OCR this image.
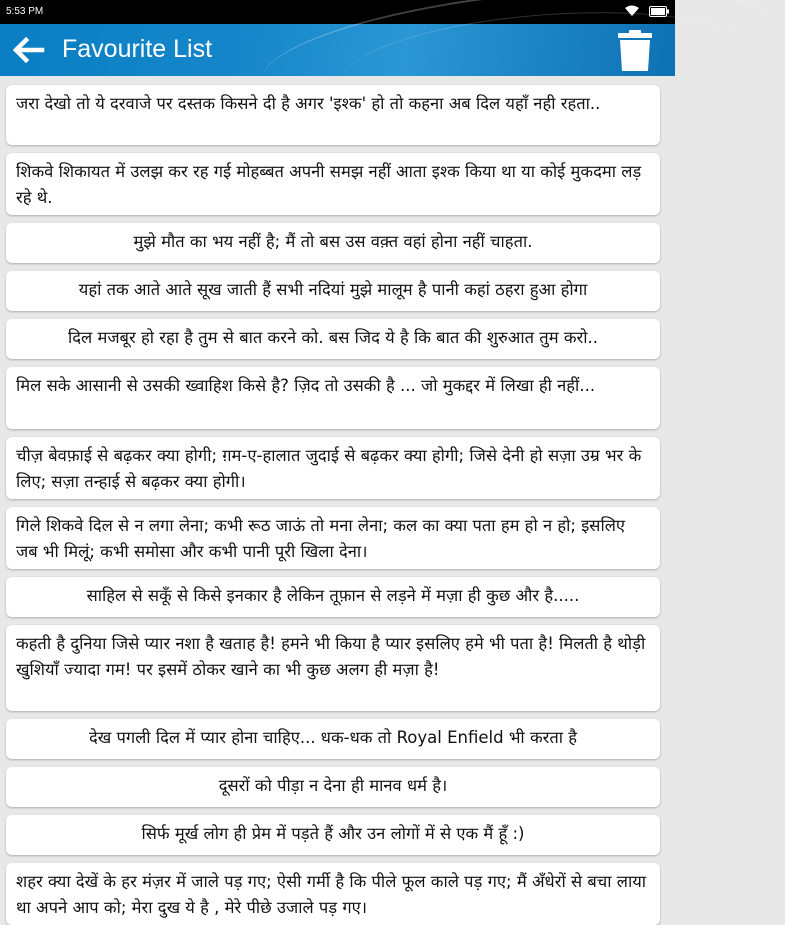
5:53 PM
Favourite List
जरा देखो तो ये दरवाजे पर दस्तक किसने दी है अगर 'इश्क' हो तो कहना अब दिल यहाँ नही रहता..
शिकवे शिकायत में उलझ कर रह गई मोहब्बत अपनी समझ नहीं आता इश्क किया था या कोई मुकदमा लड़ रहे थे.
मुझे मौत का भय नहीं है; मैं तो बस उस वक़्त वहां होना नहीं चाहता.
यहां तक आते आते सूख जाती हैं सभी नदियां मुझे मालूम है पानी कहां ठहरा हुआ होगा
दिल मजबूर हो रहा है तुम से बात करने को. बस जिद ये है कि बात की शुरुआत तुम करो..
मिल सके आसानी से उसकी ख्वाहिश किसे है? ज़िद तो उसकी है ... जो मुकद्दर में लिखा ही नहीं...
चीज़ बेवफ़ाई से बढ़कर क्या होगी; ग़म-ए-हालात जुदाई से बढ़कर क्या होगी; जिसे देनी हो सज़ा उम्र भर के लिए; सज़ा तन्हाई से बढ़कर क्या होगी।
गिले शिकवे दिल से न लगा लेना; कभी रूठ जाऊं तो मना लेना; कल का क्या पता हम हो न हो; इसलिए जब भी मिलूं; कभी समोसा और कभी पानी पूरी खिला देना।
साहिल से सकूँ से किसे इनकार है लेकिन तूफ़ान से लड़ने में मज़ा ही कुछ और है.....
कहती है दुनिया जिसे प्यार नशा है खताह है! हमने भी किया है प्यार इसलिए हमे भी पता है! मिलती है थोड़ी खुशियाँ ज्यादा गम! पर इसमें ठोकर खाने का भी कुछ अलग ही मज़ा है!
देख पगली दिल में प्यार होना चाहिए... धक-धक तो Royal Enfield भी करता है
दूसरों को पीड़ा न देना ही मानव धर्म है।
सिर्फ मूर्ख लोग ही प्रेम में पड़ते हैं और उन लोगों में से एक मैं हूँ :)
शहर क्या देखें के हर मंज़र में जाले पड़ गए; ऐसी गर्मी है कि पीले फूल काले पड़ गए; मैं अँधेरों से बचा लाया था अपने आप को; मेरा दुख ये है , मेरे पीछे उजाले पड़ गए।
